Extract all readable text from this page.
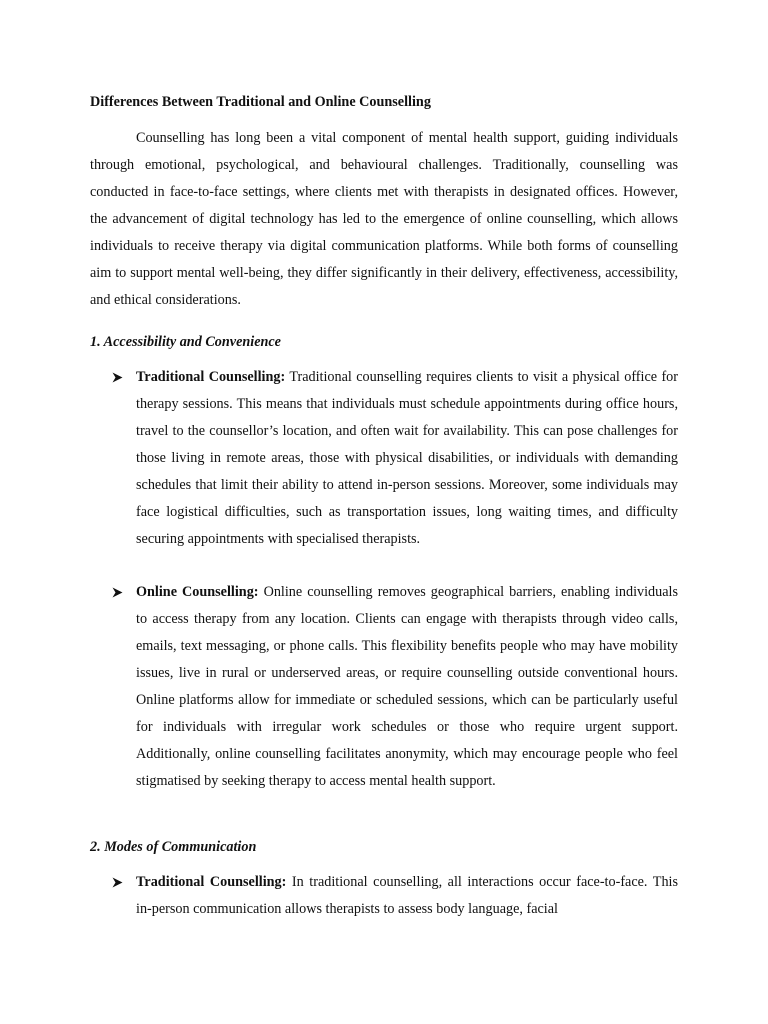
Differences Between Traditional and Online Counselling

Counselling has long been a vital component of mental health support, guiding individuals through emotional, psychological, and behavioural challenges. Traditionally, counselling was conducted in face-to-face settings, where clients met with therapists in designated offices. However, the advancement of digital technology has led to the emergence of online counselling, which allows individuals to receive therapy via digital communication platforms. While both forms of counselling aim to support mental well-being, they differ significantly in their delivery, effectiveness, accessibility, and ethical considerations.

1. Accessibility and Convenience

Traditional Counselling: Traditional counselling requires clients to visit a physical office for therapy sessions. This means that individuals must schedule appointments during office hours, travel to the counsellor’s location, and often wait for availability. This can pose challenges for those living in remote areas, those with physical disabilities, or individuals with demanding schedules that limit their ability to attend in-person sessions. Moreover, some individuals may face logistical difficulties, such as transportation issues, long waiting times, and difficulty securing appointments with specialised therapists.

Online Counselling: Online counselling removes geographical barriers, enabling individuals to access therapy from any location. Clients can engage with therapists through video calls, emails, text messaging, or phone calls. This flexibility benefits people who may have mobility issues, live in rural or underserved areas, or require counselling outside conventional hours. Online platforms allow for immediate or scheduled sessions, which can be particularly useful for individuals with irregular work schedules or those who require urgent support. Additionally, online counselling facilitates anonymity, which may encourage people who feel stigmatised by seeking therapy to access mental health support.

2. Modes of Communication

Traditional Counselling: In traditional counselling, all interactions occur face-to-face. This in-person communication allows therapists to assess body language, facial
